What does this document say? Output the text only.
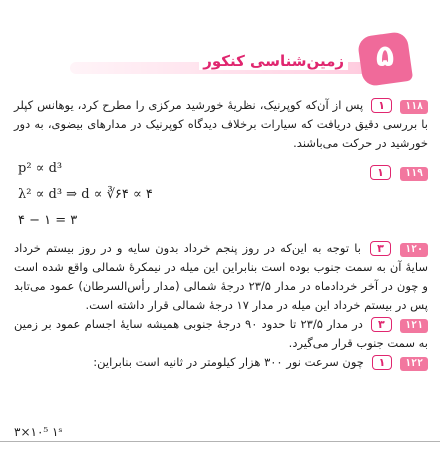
زمین‌شناسی کنکور	۵

۱۱۸ ۱ پس از آن‌که کوپرنیک، نظریهٔ خورشید مرکزی را مطرح کرد، یوهانس کپلر با بررسی دقیق دریافت که سیارات برخلاف دیدگاه کوپرنیک در مدارهای بیضوی، به دور خورشید در حرکت می‌باشند.

p² ∝ d³	۱۱۹ ۱
λ² ∝ d³ ⇒ d ∝ ∛۶۴ ∝ ۴
۴ − ۱ = ۳

۱۲۰ ۳ با توجه به این‌که در روز پنجم خرداد بدون سایه و در روز بیستم خرداد سایهٔ آن به سمت جنوب بوده است بنابراین این میله در نیمکرهٔ شمالی واقع شده است و چون در آخر خردادماه در مدار ۲۳/۵ درجهٔ شمالی (مدار رأس‌السرطان) عمود می‌تابد پس در بیستم خرداد این میله در مدار ۱۷ درجهٔ شمالی قرار داشته است.

۱۲۱ ۳ در مدار ۲۳/۵ تا حدود ۹۰ درجهٔ جنوبی همیشه سایهٔ اجسام عمود بر زمین به سمت جنوب قرار می‌گیرد.

۱۲۲ ۱ چون سرعت نور ۳۰۰ هزار کیلومتر در ثانیه است بنابراین:

۳×۱۰⁵ ۱ˢ
